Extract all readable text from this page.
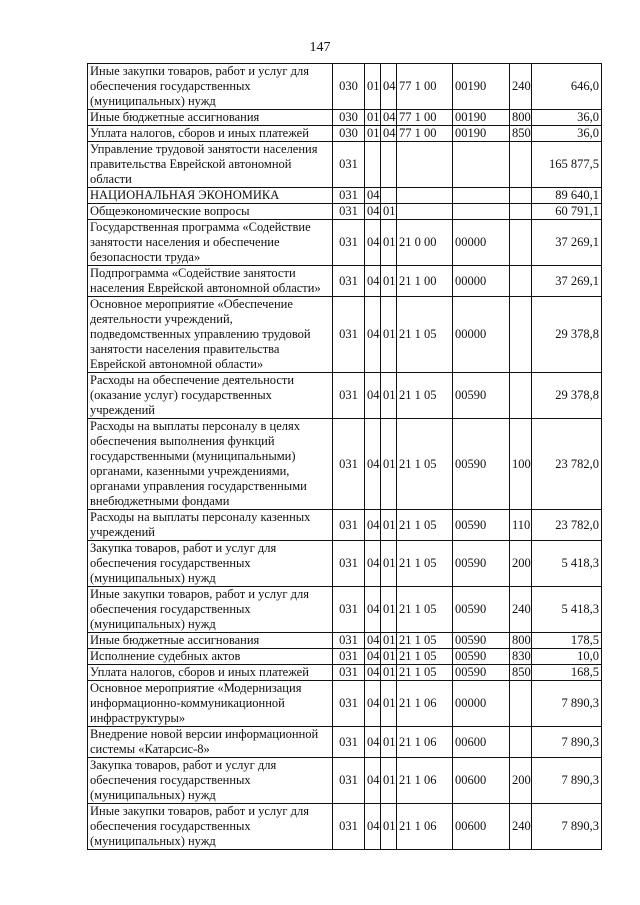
147
Иные закупки товаров, работ и услуг для обеспечения государственных (муниципальных) нужд	030	01	04	77 1 00	00190	240	646,0
Иные бюджетные ассигнования	030	01	04	77 1 00	00190	800	36,0
Уплата налогов, сборов и иных платежей	030	01	04	77 1 00	00190	850	36,0
Управление трудовой занятости населения правительства Еврейской автономной области	031						165 877,5
НАЦИОНАЛЬНАЯ ЭКОНОМИКА	031	04					89 640,1
Общеэкономические вопросы	031	04	01				60 791,1
Государственная программа «Содействие занятости населения и обеспечение безопасности труда»	031	04	01	21 0 00	00000		37 269,1
Подпрограмма «Содействие занятости населения Еврейской автономной области»	031	04	01	21 1 00	00000		37 269,1
Основное мероприятие «Обеспечение деятельности учреждений, подведомственных управлению трудовой занятости населения правительства Еврейской автономной области»	031	04	01	21 1 05	00000		29 378,8
Расходы на обеспечение деятельности (оказание услуг) государственных учреждений	031	04	01	21 1 05	00590		29 378,8
Расходы на выплаты персоналу в целях обеспечения выполнения функций государственными (муниципальными) органами, казенными учреждениями, органами управления государственными внебюджетными фондами	031	04	01	21 1 05	00590	100	23 782,0
Расходы на выплаты персоналу казенных учреждений	031	04	01	21 1 05	00590	110	23 782,0
Закупка товаров, работ и услуг для обеспечения государственных (муниципальных) нужд	031	04	01	21 1 05	00590	200	5 418,3
Иные закупки товаров, работ и услуг для обеспечения государственных (муниципальных) нужд	031	04	01	21 1 05	00590	240	5 418,3
Иные бюджетные ассигнования	031	04	01	21 1 05	00590	800	178,5
Исполнение судебных актов	031	04	01	21 1 05	00590	830	10,0
Уплата налогов, сборов и иных платежей	031	04	01	21 1 05	00590	850	168,5
Основное мероприятие «Модернизация информационно-коммуникационной инфраструктуры»	031	04	01	21 1 06	00000		7 890,3
Внедрение новой версии информационной системы «Катарсис-8»	031	04	01	21 1 06	00600		7 890,3
Закупка товаров, работ и услуг для обеспечения государственных (муниципальных) нужд	031	04	01	21 1 06	00600	200	7 890,3
Иные закупки товаров, работ и услуг для обеспечения государственных (муниципальных) нужд	031	04	01	21 1 06	00600	240	7 890,3
